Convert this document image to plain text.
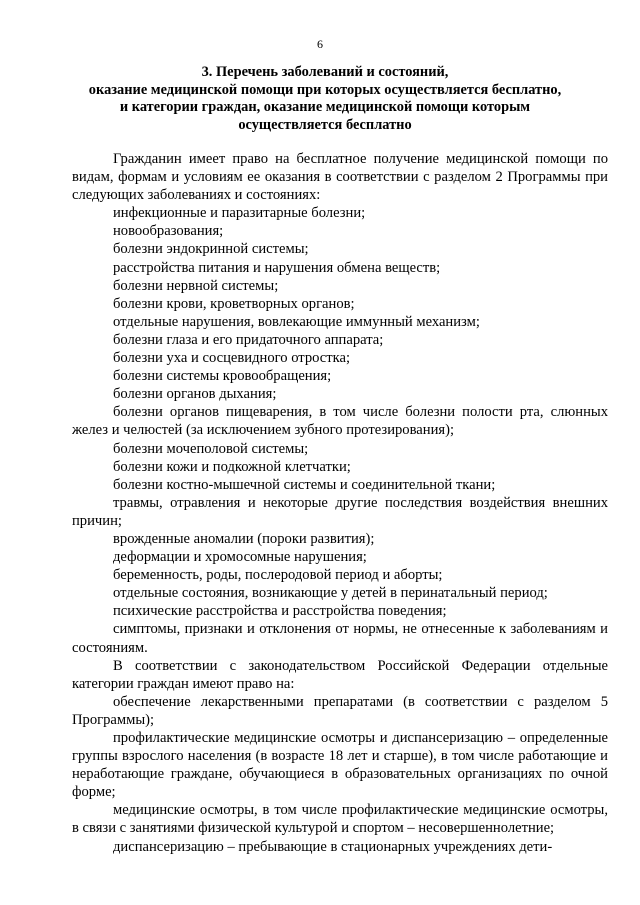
6
3. Перечень заболеваний и состояний,
оказание медицинской помощи при которых осуществляется бесплатно,
и категории граждан, оказание медицинской помощи которым
осуществляется бесплатно

Гражданин имеет право на бесплатное получение медицинской помощи по видам, формам и условиям ее оказания в соответствии с разделом 2 Программы при следующих заболеваниях и состояниях:

инфекционные и паразитарные болезни;

новообразования;

болезни эндокринной системы;

расстройства питания и нарушения обмена веществ;

болезни нервной системы;

болезни крови, кроветворных органов;

отдельные нарушения, вовлекающие иммунный механизм;

болезни глаза и его придаточного аппарата;

болезни уха и сосцевидного отростка;

болезни системы кровообращения;

болезни органов дыхания;

болезни органов пищеварения, в том числе болезни полости рта, слюнных желез и челюстей (за исключением зубного протезирования);

болезни мочеполовой системы;

болезни кожи и подкожной клетчатки;

болезни костно-мышечной системы и соединительной ткани;

травмы, отравления и некоторые другие последствия воздействия внешних причин;

врожденные аномалии (пороки развития);

деформации и хромосомные нарушения;

беременность, роды, послеродовой период и аборты;

отдельные состояния, возникающие у детей в перинатальный период;

психические расстройства и расстройства поведения;

симптомы, признаки и отклонения от нормы, не отнесенные к заболеваниям и состояниям.

В соответствии с законодательством Российской Федерации отдельные категории граждан имеют право на:

обеспечение лекарственными препаратами (в соответствии с разделом 5 Программы);

профилактические медицинские осмотры и диспансеризацию – определенные группы взрослого населения (в возрасте 18 лет и старше), в том числе работающие и неработающие граждане, обучающиеся в образовательных организациях по очной форме;

медицинские осмотры, в том числе профилактические медицинские осмотры, в связи с занятиями физической культурой и спортом – несовершеннолетние;

диспансеризацию – пребывающие в стационарных учреждениях дети-
